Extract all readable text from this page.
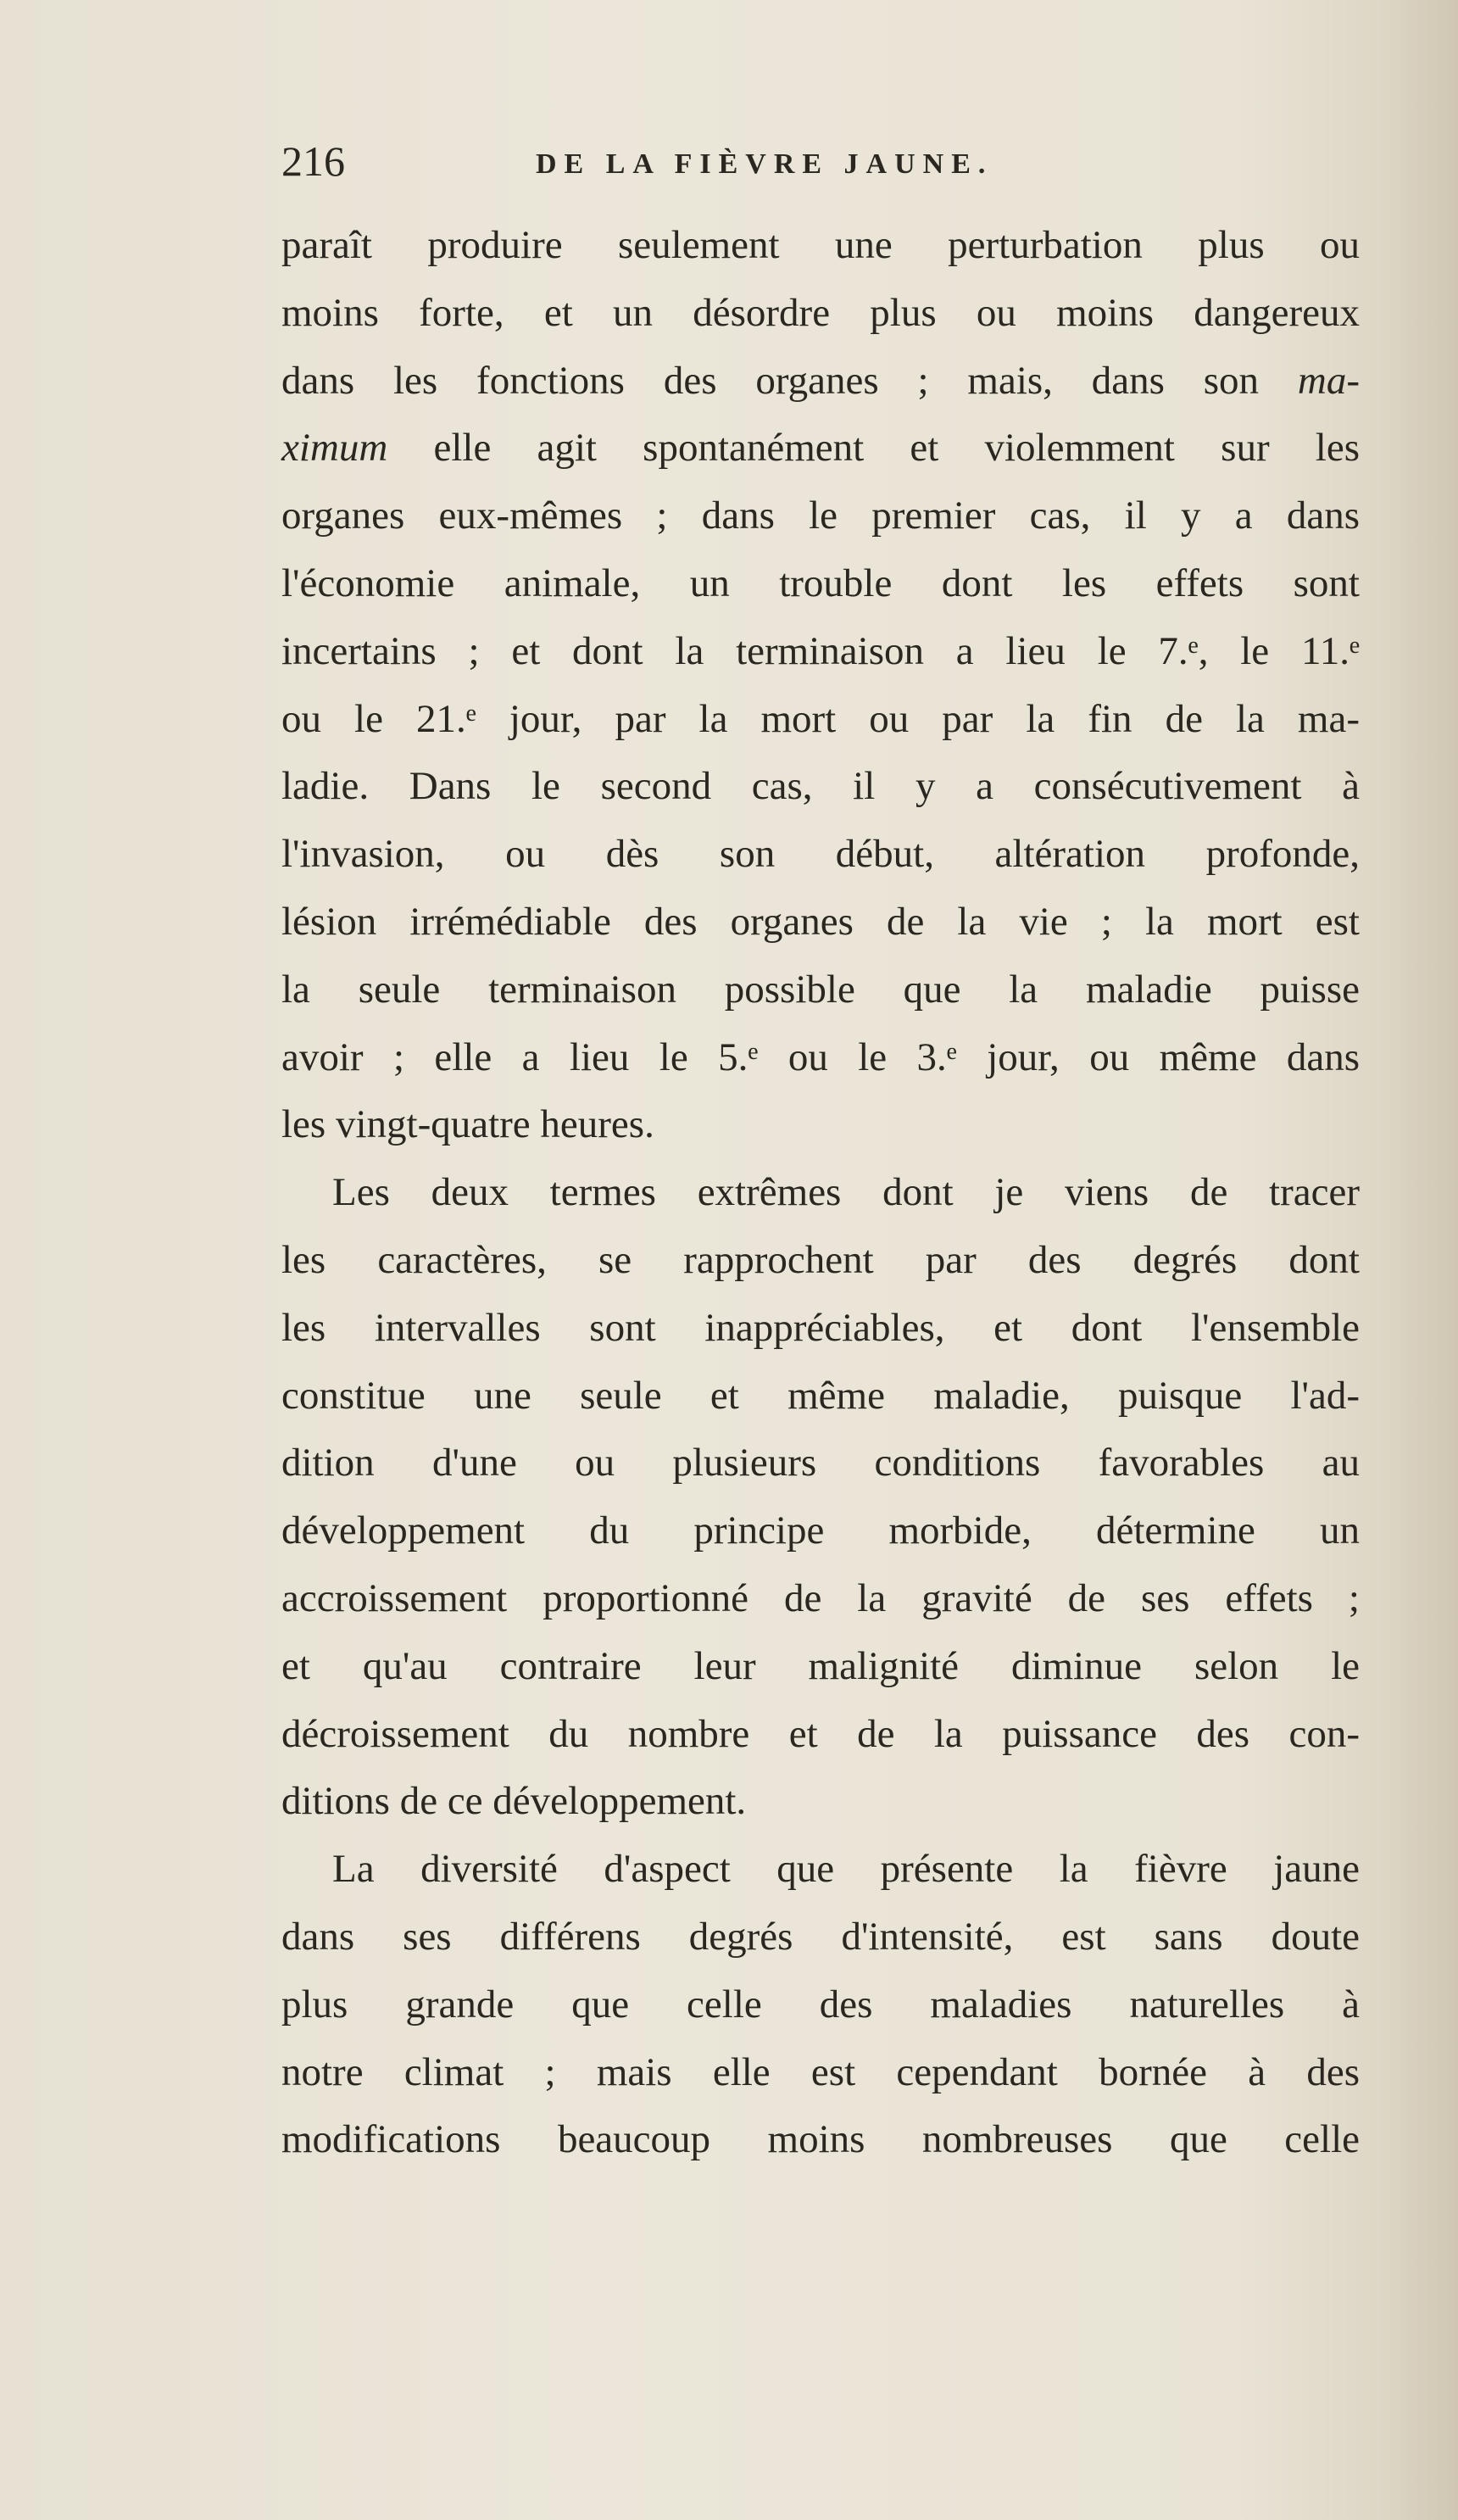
216	DE LA FIÈVRE JAUNE.
paraît produire seulement une perturbation plus ou
moins forte, et un désordre plus ou moins dangereux
dans les fonctions des organes ; mais, dans son ma-
ximum elle agit spontanément et violemment sur les
organes eux-mêmes ; dans le premier cas, il y a dans
l'économie animale, un trouble dont les effets sont
incertains ; et dont la terminaison a lieu le 7.ᵉ, le 11.ᵉ
ou le 21.ᵉ jour, par la mort ou par la fin de la ma-
ladie. Dans le second cas, il y a consécutivement à
l'invasion, ou dès son début, altération profonde,
lésion irrémédiable des organes de la vie ; la mort est
la seule terminaison possible que la maladie puisse
avoir ; elle a lieu le 5.ᵉ ou le 3.ᵉ jour, ou même dans
les vingt-quatre heures.
Les deux termes extrêmes dont je viens de tracer
les caractères, se rapprochent par des degrés dont
les intervalles sont inappréciables, et dont l'ensemble
constitue une seule et même maladie, puisque l'ad-
dition d'une ou plusieurs conditions favorables au
développement du principe morbide, détermine un
accroissement proportionné de la gravité de ses effets ;
et qu'au contraire leur malignité diminue selon le
décroissement du nombre et de la puissance des con-
ditions de ce développement.
La diversité d'aspect que présente la fièvre jaune
dans ses différens degrés d'intensité, est sans doute
plus grande que celle des maladies naturelles à
notre climat ; mais elle est cependant bornée à des
modifications beaucoup moins nombreuses que celle
